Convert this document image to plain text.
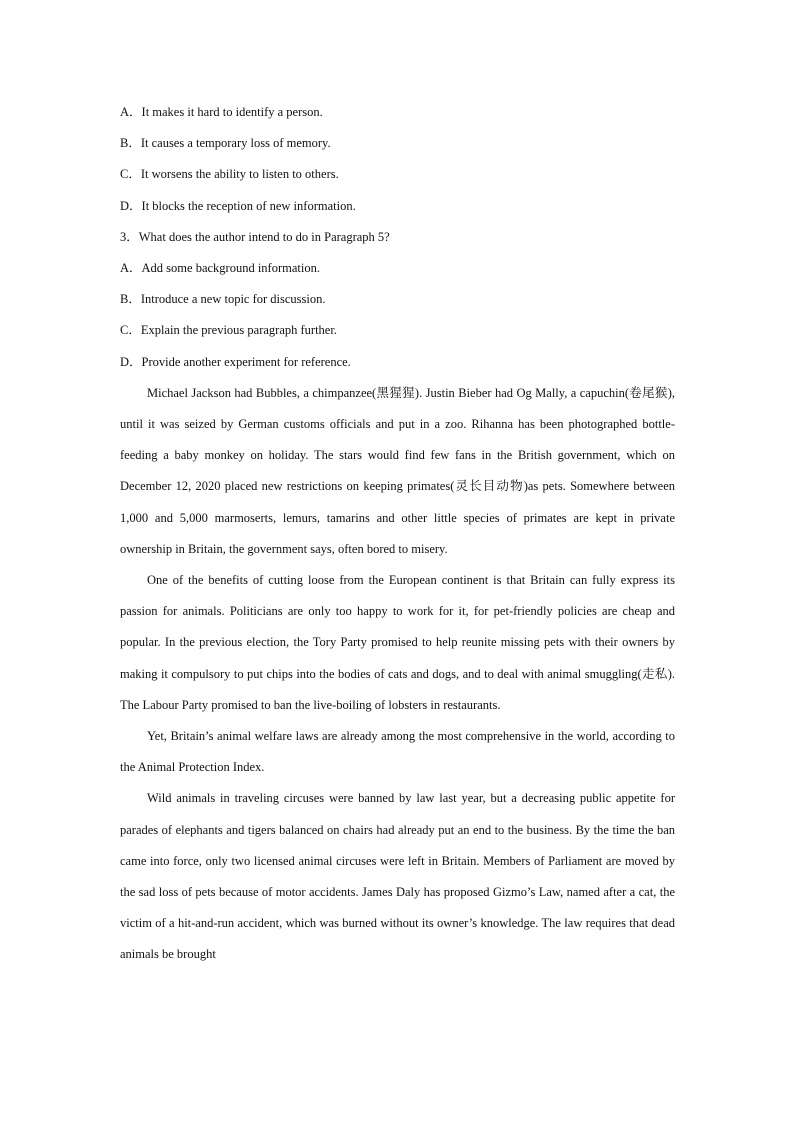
A．It makes it hard to identify a person.

B．It causes a temporary loss of memory.

C．It worsens the ability to listen to others.

D．It blocks the reception of new information.

3．What does the author intend to do in Paragraph 5?

A．Add some background information.

B．Introduce a new topic for discussion.

C．Explain the previous paragraph further.

D．Provide another experiment for reference.

Michael Jackson had Bubbles, a chimpanzee(黑猩猩). Justin Bieber had Og Mally, a capuchin(卷尾猴), until it was seized by German customs officials and put in a zoo. Rihanna has been photographed bottle-feeding a baby monkey on holiday. The stars would find few fans in the British government, which on December 12, 2020 placed new restrictions on keeping primates(灵长目动物)as pets. Somewhere between 1,000 and 5,000 marmoserts, lemurs, tamarins and other little species of primates are kept in private ownership in Britain, the government says, often bored to misery.

One of the benefits of cutting loose from the European continent is that Britain can fully express its passion for animals. Politicians are only too happy to work for it, for pet-friendly policies are cheap and popular. In the previous election, the Tory Party promised to help reunite missing pets with their owners by making it compulsory to put chips into the bodies of cats and dogs, and to deal with animal smuggling(走私). The Labour Party promised to ban the live-boiling of lobsters in restaurants.

Yet, Britain’s animal welfare laws are already among the most comprehensive in the world, according to the Animal Protection Index.

Wild animals in traveling circuses were banned by law last year, but a decreasing public appetite for parades of elephants and tigers balanced on chairs had already put an end to the business. By the time the ban came into force, only two licensed animal circuses were left in Britain. Members of Parliament are moved by the sad loss of pets because of motor accidents. James Daly has proposed Gizmo’s Law, named after a cat, the victim of a hit-and-run accident, which was burned without its owner’s knowledge. The law requires that dead animals be brought
